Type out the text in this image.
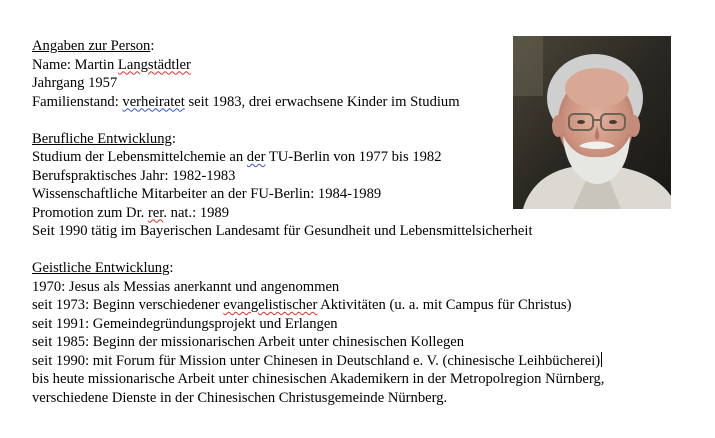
Angaben zur Person:
Name: Martin Langstädtler
Jahrgang 1957
Familienstand: verheiratet seit 1983, drei erwachsene Kinder im Studium
Berufliche Entwicklung:
Studium der Lebensmittelchemie an der TU-Berlin von 1977 bis 1982
Berufspraktisches Jahr: 1982-1983
Wissenschaftliche Mitarbeiter an der FU-Berlin: 1984-1989
Promotion zum Dr. rer. nat.: 1989
Seit 1990 tätig im Bayerischen Landesamt für Gesundheit und Lebensmittelsicherheit
Geistliche Entwicklung:
1970: Jesus als Messias anerkannt und angenommen
seit 1973: Beginn verschiedener evangelistischer Aktivitäten (u. a. mit Campus für Christus)
seit 1991: Gemeindegründungsprojekt und Erlangen
seit 1985: Beginn der missionarischen Arbeit unter chinesischen Kollegen
seit 1990: mit Forum für Mission unter Chinesen in Deutschland e. V. (chinesische Leihbücherei)
bis heute missionarische Arbeit unter chinesischen Akademikern in der Metropolregion Nürnberg,
verschiedene Dienste in der Chinesischen Christusgemeinde Nürnberg.
